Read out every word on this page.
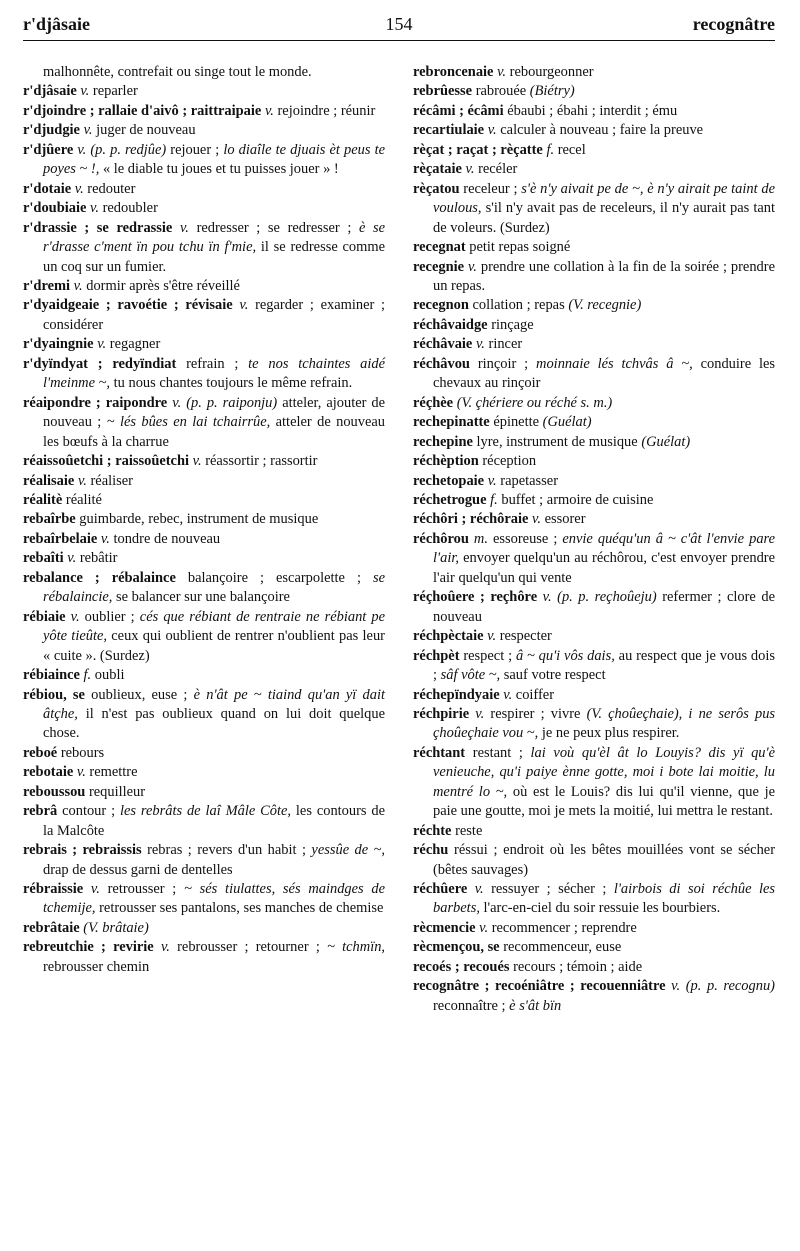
r'djâsaie	154	recognâtre

malhonnête, contrefait ou singe tout le monde.

r'djâsaie v. reparler

r'djoindre ; rallaie d'aivô ; raittraipaie v. rejoindre ; réunir

r'djudgie v. juger de nouveau

r'djûere v. (p. p. redjûe) rejouer ; lo diaîle te djuais èt peus te poyes ~ !, « le diable tu joues et tu puisses jouer » !

r'dotaie v. redouter

r'doubiaie v. redoubler

r'drassie ; se redrassie v. redresser ; se redresser ; è se r'drasse c'ment ïn pou tchu ïn f'mie, il se redresse comme un coq sur un fumier.

r'dremi v. dormir après s'être réveillé

r'dyaidgeaie ; ravoétie ; révisaie v. regarder ; examiner ; considérer

r'dyaingnie v. regagner

r'dyïndyat ; redyïndiat refrain ; te nos tchaintes aidé l'meinme ~, tu nous chantes toujours le même refrain.

réaipondre ; raipondre v. (p. p. raiponju) atteler, ajouter de nouveau ; ~ lés bûes en lai tchairrûe, atteler de nouveau les bœufs à la charrue

réaissoûetchi ; raissoûetchi v. réassortir ; rassortir

réalisaie v. réaliser

réalitè réalité

rebaîrbe guimbarde, rebec, instrument de musique

rebaîrbelaie v. tondre de nouveau

rebaîti v. rebâtir

rebalance ; rébalaince balançoire ; escarpolette ; se rébalaincie, se balancer sur une balançoire

rébiaie v. oublier ; cés que rébiant de rentraie ne rébiant pe yôte tieûte, ceux qui oublient de rentrer n'oublient pas leur « cuite ». (Surdez)

rébiaince f. oubli

rébiou, se oublieux, euse ; è n'ât pe ~ tiaind qu'an yï dait âtçhe, il n'est pas oublieux quand on lui doit quelque chose.

reboé rebours

rebotaie v. remettre

reboussou requilleur

rebrâ contour ; les rebrâts de laî Mâle Côte, les contours de la Malcôte

rebrais ; rebraissis rebras ; revers d'un habit ; yessûe de ~, drap de dessus garni de dentelles

rébraissie v. retrousser ; ~ sés tiulattes, sés maindges de tchemije, retrousser ses pantalons, ses manches de chemise

rebrâtaie (V. brâtaie)

rebreutchie ; revirie v. rebrousser ; retourner ; ~ tchmïn, rebrousser chemin

rebroncenaie v. rebourgeonner

rebrûesse rabrouée (Biétry)

récâmi ; écâmi ébaubi ; ébahi ; interdit ; ému

recartiulaie v. calculer à nouveau ; faire la preuve

rèçat ; raçat ; rèçatte f. recel

rèçataie v. recéler

rèçatou receleur ; s'è n'y aivait pe de ~, è n'y airait pe taint de voulous, s'il n'y avait pas de receleurs, il n'y aurait pas tant de voleurs. (Surdez)

recegnat petit repas soigné

recegnie v. prendre une collation à la fin de la soirée ; prendre un repas.

recegnon collation ; repas (V. recegnie)

réchâvaidge rinçage

réchâvaie v. rincer

réchâvou rinçoir ; moinnaie lés tchvâs â ~, conduire les chevaux au rinçoir

réçhèe (V. çhériere ou réché s. m.)

rechepinatte épinette (Guélat)

rechepine lyre, instrument de musique (Guélat)

réchèption réception

rechetopaie v. rapetasser

réchetrogue f. buffet ; armoire de cuisine

réchôri ; réchôraie v. essorer

réchôrou m. essoreuse ; envie quéqu'un â ~ c'ât l'envie pare l'air, envoyer quelqu'un au réchôrou, c'est envoyer prendre l'air quelqu'un qui vente

réçhoûere ; reçhôre v. (p. p. reçhoûeju) refermer ; clore de nouveau

réchpèctaie v. respecter

réchpèt respect ; â ~ qu'i vôs dais, au respect que je vous dois ; sâf vôte ~, sauf votre respect

réchepïndyaie v. coiffer

réchpirie v. respirer ; vivre (V. çhoûeçhaie), i ne serôs pus çhoûeçhaie vou ~, je ne peux plus respirer.

réchtant restant ; lai voù qu'èl ât lo Louyis? dis yï qu'è venieuche, qu'i paiye ènne gotte, moi i bote lai moitie, lu mentré lo ~, où est le Louis? dis lui qu'il vienne, que je paie une goutte, moi je mets la moitié, lui mettra le restant.

réchte reste

réchu réssui ; endroit où les bêtes mouillées vont se sécher (bêtes sauvages)

réchûere v. ressuyer ; sécher ; l'airbois di soi réchûe les barbets, l'arc-en-ciel du soir ressuie les bourbiers.

rècmencie v. recommencer ; reprendre

rècmençou, se recommenceur, euse

recoés ; recoués recours ; témoin ; aide

recognâtre ; recoéniâtre ; recouenniâtre v. (p. p. recognu) reconnaître ; è s'ât bïn
